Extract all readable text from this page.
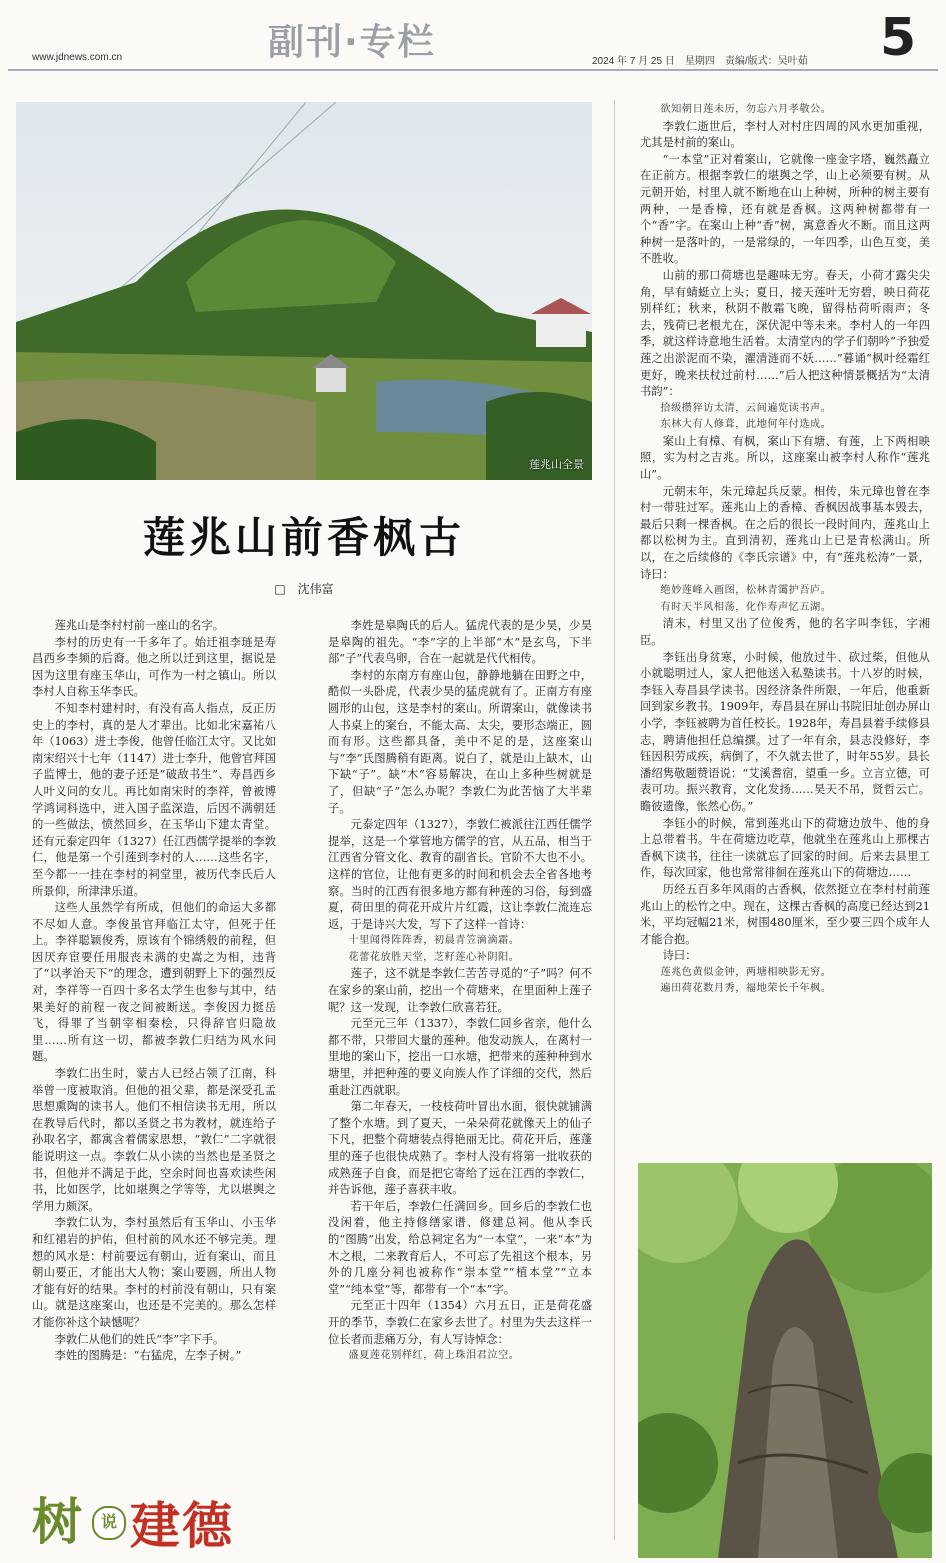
www.jdnews.com.cn	副刊·专栏	2024 年 7 月 25 日　星期四　责编/版式：吴叶茹 5
莲兆山全景
莲兆山前香枫古
□　沈伟富

莲兆山是李村村前一座山的名字。

李村的历史有一千多年了。始迁祖李琏是寿昌西乡李频的后裔。他之所以迁到这里，据说是因为这里有座玉华山，可作为一村之镇山。所以李村人自称玉华李氏。

不知李村建村时，有没有高人指点，反正历史上的李村，真的是人才辈出。比如北宋嘉祐八年（1063）进士李俊，他曾任临江太守。又比如南宋绍兴十七年（1147）进士李升，他曾官拜国子监博士，他的妻子还是“破敌书生”、寿昌西乡人叶义问的女儿。再比如南宋时的李祥，曾被博学鸿词科选中，进入国子监深造，后因不满朝廷的一些做法，愤然回乡，在玉华山下建太青堂。还有元泰定四年（1327）任江西儒学提举的李敦仁，他是第一个引莲到李村的人……这些名字，至今都一一挂在李村的祠堂里，被历代李氏后人所景仰，所津津乐道。

这些人虽然学有所成，但他们的命运大多都不尽如人意。李俊虽官拜临江太守，但死于任上。李祥聪颖俊秀，原该有个锦绣般的前程，但因厌弃宦要任用服丧未满的史嵩之为相，违背了“以孝治天下”的理念，遭到朝野上下的强烈反对，李祥等一百四十多名太学生也参与其中，结果美好的前程一夜之间被断送。李俊因力挺岳飞，得罪了当朝宰相秦桧，只得辞官归隐故里……所有这一切，都被李敦仁归结为风水问题。

李敦仁出生时，蒙古人已经占领了江南，科举曾一度被取消。但他的祖父辈，都是深受孔孟思想熏陶的读书人。他们不相信读书无用，所以在教导后代时，都以圣贤之书为教材，就连给子孙取名字，都寓含着儒家思想，“敦仁”二字就很能说明这一点。李敦仁从小读的当然也是圣贤之书，但他并不满足于此，空余时间也喜欢读些闲书，比如医学，比如堪舆之学等等，尤以堪舆之学用力颇深。

李敦仁认为，李村虽然后有玉华山、小玉华和红裙岩的护佑，但村前的风水还不够完美。理想的风水是：村前要远有朝山，近有案山，而且朝山要正，才能出大人物；案山要圆，所出人物才能有好的结果。李村的村前没有朝山，只有案山。就是这座案山，也还是不完美的。那么怎样才能你补这个缺憾呢？

李敦仁从他们的姓氏“李”字下手。

李姓的图腾是：“右猛虎，左李子树。”

李姓是皋陶氏的后人。猛虎代表的是少昊，少昊是皋陶的祖先。“李”字的上半部“木”是玄鸟，下半部“子”代表鸟卵，合在一起就是代代相传。

李村的东南方有座山包，静静地躺在田野之中，酷似一头卧虎，代表少昊的猛虎就有了。正南方有座圆形的山包，这是李村的案山。所谓案山，就像读书人书桌上的案台，不能太高、太尖，要形态端正，圆而有形。这些都具备，美中不足的是，这座案山与“李”氏图腾稍有距离。说白了，就是山上缺木，山下缺“子”。缺“木”容易解决，在山上多种些树就是了，但缺“子”怎么办呢？李敦仁为此苦恼了大半辈子。

元泰定四年（1327），李敦仁被派往江西任儒学提举，这是一个掌管地方儒学的官，从五品，相当于江西省分管文化、教育的副省长。官阶不大也不小。这样的官位，让他有更多的时间和机会去全省各地考察。当时的江西有很多地方都有种莲的习俗，每到盛夏，荷田里的荷花开成片片红霞，这让李敦仁流连忘返，于是诗兴大发，写下了这样一首诗：

十里闻得阵阵香，初晨青笠滴滴霜。

花蕾花放胜天堂，芝籽莲心补阴阳。

莲子，这不就是李敦仁苦苦寻觅的“子”吗？何不在家乡的案山前，挖出一个荷塘来，在里面种上莲子呢？这一发现，让李敦仁欣喜若狂。

元至元三年（1337），李敦仁回乡省亲，他什么都不带，只带回大量的莲种。他发动族人，在离村一里地的案山下，挖出一口水塘，把带来的莲种种到水塘里，并把种莲的要义向族人作了详细的交代，然后重赴江西就职。

第二年春天，一枝枝荷叶冒出水面，很快就铺满了整个水塘。到了夏天，一朵朵荷花就像天上的仙子下凡，把整个荷塘装点得艳丽无比。荷花开后，莲蓬里的莲子也很快成熟了。李村人没有将第一批收获的成熟莲子自食，而是把它寄给了远在江西的李敦仁，并告诉他，莲子喜获丰收。

若干年后，李敦仁任满回乡。回乡后的李敦仁也没闲着，他主持修缮家谱、修建总祠。他从李氏的“图腾”出发，给总祠定名为“一本堂”，一来“本”为木之根，二来教育后人，不可忘了先祖这个根本，另外的几座分祠也被称作“崇本堂”“植本堂”“立本堂”“纯本堂”等，都带有一个“本”字。

元至正十四年（1354）六月五日，正是荷花盛开的季节，李敦仁在家乡去世了。村里为失去这样一位长者而悲痛万分，有人写诗悼念：

盛夏莲花别样红，荷上珠泪君泣空。

欲知朝日莲未历，勿忘六月孝敬公。

李敦仁逝世后，李村人对村庄四周的风水更加重视，尤其是村前的案山。

“一本堂”正对着案山，它就像一座金字塔，巍然矗立在正前方。根据李敦仁的堪舆之学，山上必须要有树。从元朝开始，村里人就不断地在山上种树，所种的树主要有两种，一是香樟，还有就是香枫。这两种树都带有一个“香”字。在案山上种“香”树，寓意香火不断。而且这两种树一是落叶的，一是常绿的，一年四季，山色互变，美不胜收。

山前的那口荷塘也是趣味无穷。春天，小荷才露尖尖角，早有蜻蜓立上头；夏日，接天莲叶无穷碧，映日荷花别样红；秋来，秋阴不散霜飞晚，留得枯荷听雨声；冬去，残荷已老根尤在，深伏泥中等未来。李村人的一年四季，就这样诗意地生活着。太清堂内的学子们朝吟“予独爱莲之出淤泥而不染，濯清涟而不妖……”暮诵“枫叶经霜红更好，晚来扶杖过前村……”后人把这种情景概括为“太清书韵”：

拾级攒猝访太清，云间遍览读书声。

东林大有人修葺，此地何年付选成。

案山上有樟、有枫，案山下有塘、有莲，上下两相映照，实为村之吉兆。所以，这座案山被李村人称作“莲兆山”。

元朝末年，朱元璋起兵反蒙。相传，朱元璋也曾在李村一带驻过军。莲兆山上的香樟、香枫因战事基本毁去，最后只剩一棵香枫。在之后的很长一段时间内，莲兆山上都以松树为主。直到清初，莲兆山上已是青松满山。所以，在之后续修的《李氏宗谱》中，有“莲兆松涛”一景，诗曰：

绝妙莲峰入画图，松林青霭护吾庐。

有时天半风相荡，化作寿声忆五湖。

清末，村里又出了位俊秀，他的名字叫李钰，字湘臣。

李钰出身贫寒，小时候，他放过牛、砍过柴，但他从小就聪明过人，家人把他送入私塾读书。十八岁的时候，李钰入寿昌县学读书。因经济条件所限，一年后，他重新回到家乡教书。1909年，寿昌县在屏山书院旧址创办屏山小学，李钰被聘为首任校长。1928年，寿昌县着手续修县志，聘请他担任总编撰。过了一年有余，县志没修好，李钰因积劳成疾，病倒了，不久就去世了，时年55岁。县长潘绍隽敬题赞语说：“艾溪耆宿，望重一乡。立言立德，可表可功。振兴教育，文化发扬……昊天不吊，贤哲云亡。瞻彼遗像，怅然心伤。”

李钰小的时候，常到莲兆山下的荷塘边放牛、他的身上总带着书。牛在荷塘边吃草，他就坐在莲兆山上那棵古香枫下读书，往往一读就忘了回家的时间。后来去县里工作，每次回家，他也常常徘徊在莲兆山下的荷塘边……

历经五百多年风雨的古香枫，依然挺立在李村村前莲兆山上的松竹之中。现在，这棵古香枫的高度已经达到21米，平均冠幅21米，树围480厘米，至少要三四个成年人才能合抱。

诗曰：

莲兆色黄似金钟，两塘相映影无穷。

遍田荷花数月秀，福地荣长千年枫。

树	说 建德
